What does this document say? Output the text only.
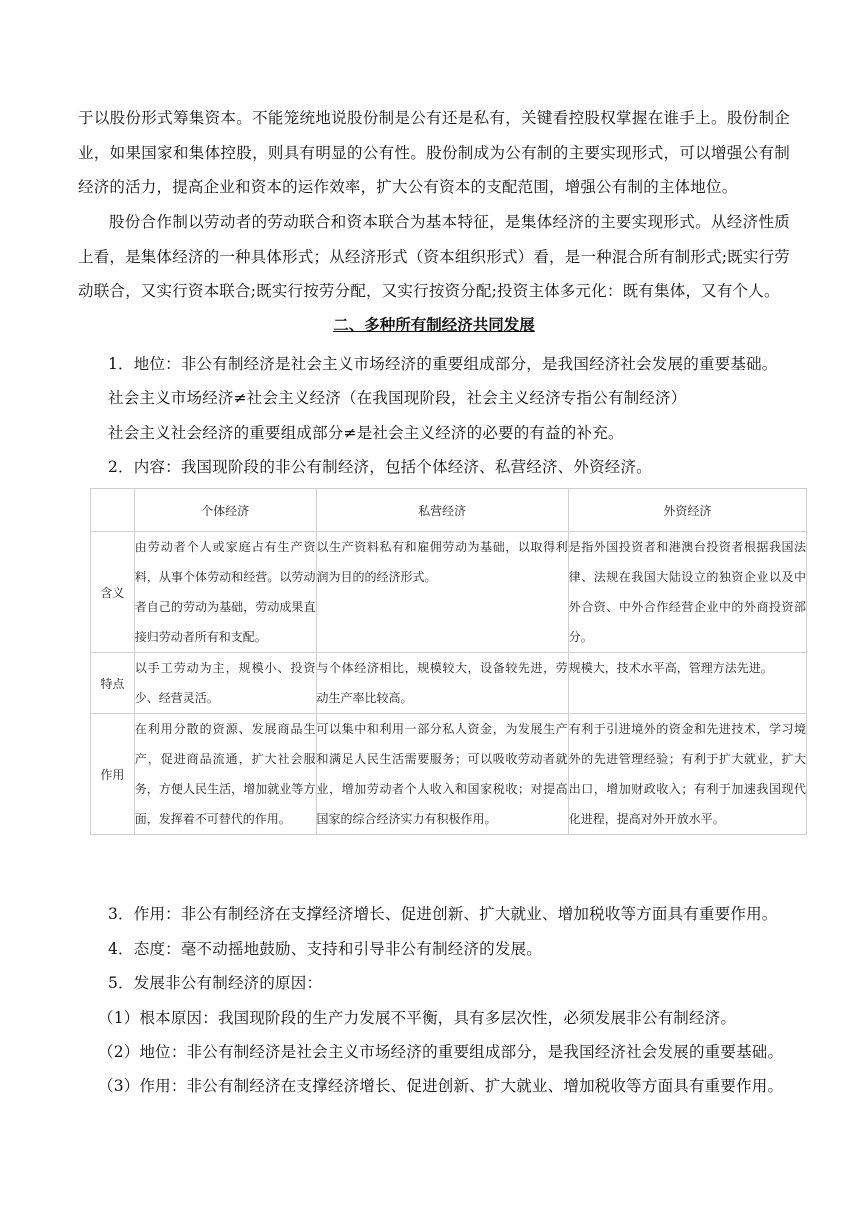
于以股份形式筹集资本。不能笼统地说股份制是公有还是私有，关键看控股权掌握在谁手上。股份制企业，如果国家和集体控股，则具有明显的公有性。股份制成为公有制的主要实现形式，可以增强公有制经济的活力，提高企业和资本的运作效率，扩大公有资本的支配范围，增强公有制的主体地位。

股份合作制以劳动者的劳动联合和资本联合为基本特征，是集体经济的主要实现形式。从经济性质上看，是集体经济的一种具体形式；从经济形式（资本组织形式）看，是一种混合所有制形式;既实行劳动联合，又实行资本联合;既实行按劳分配，又实行按资分配;投资主体多元化：既有集体，又有个人。

二、多种所有制经济共同发展
1．地位：非公有制经济是社会主义市场经济的重要组成部分，是我国经济社会发展的重要基础。
社会主义市场经济≠社会主义经济（在我国现阶段，社会主义经济专指公有制经济）
社会主义社会经济的重要组成部分≠是社会主义经济的必要的有益的补充。
2．内容：我国现阶段的非公有制经济，包括个体经济、私营经济、外资经济。
	个体经济	私营经济	外资经济
含义	由劳动者个人或家庭占有生产资料，从事个体劳动和经营。以劳动者自己的劳动为基础，劳动成果直接归劳动者所有和支配。	以生产资料私有和雇佣劳动为基础，以取得利润为目的的经济形式。	是指外国投资者和港澳台投资者根据我国法律、法规在我国大陆设立的独资企业以及中外合资、中外合作经营企业中的外商投资部分。
特点	以手工劳动为主，规模小、投资少、经营灵活。	与个体经济相比，规模较大，设备较先进，劳动生产率比较高。	规模大，技术水平高，管理方法先进。
作用	在利用分散的资源、发展商品生产，促进商品流通，扩大社会服务，方便人民生活，增加就业等方面，发挥着不可替代的作用。	可以集中和利用一部分私人资金，为发展生产和满足人民生活需要服务；可以吸收劳动者就业，增加劳动者个人收入和国家税收；对提高国家的综合经济实力有积极作用。	有利于引进境外的资金和先进技术，学习境外的先进管理经验；有利于扩大就业，扩大出口，增加财政收入；有利于加速我国现代化进程，提高对外开放水平。
3．作用：非公有制经济在支撑经济增长、促进创新、扩大就业、增加税收等方面具有重要作用。
4．态度：毫不动摇地鼓励、支持和引导非公有制经济的发展。
5．发展非公有制经济的原因：
（1）根本原因：我国现阶段的生产力发展不平衡，具有多层次性，必须发展非公有制经济。
（2）地位：非公有制经济是社会主义市场经济的重要组成部分，是我国经济社会发展的重要基础。
（3）作用：非公有制经济在支撑经济增长、促进创新、扩大就业、增加税收等方面具有重要作用。
